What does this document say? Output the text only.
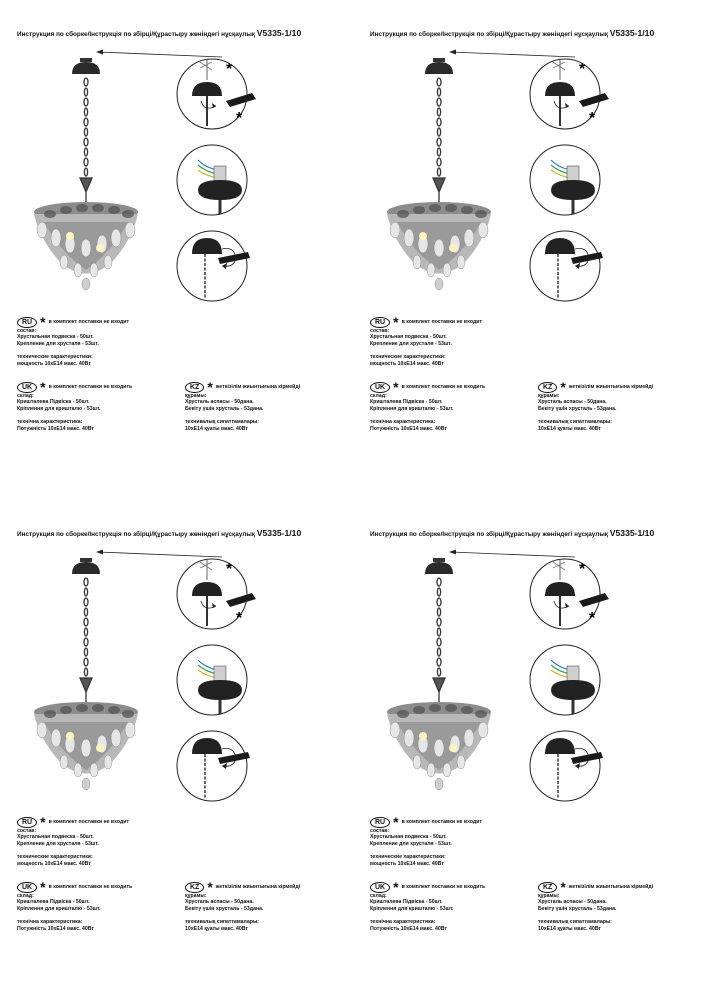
Инструкция по сборке/Інструкція по збірці/Құрастыру жөніндегі нұсқаулық V5335-1/10
*
*
RU * в комплект поставки не входит
состав:
Хрустальная подвеска - 50шт.
Крепление для хрусталя - 53шт.
технические характеристики:
мощность 10xE14 макс. 40Вт
UK * в комплект поставки не входить
склад:
Кришталева Підвіска - 50шт.
Кріплення для кришталю - 53шт.
технічна характеристика:
Потужність 10xE14 макс. 40Вт
KZ * жеткізілім жиынтығына кірмейді
құрамы:
Хрусталь аспасы - 50дана.
Бекіту үшін хрусталь - 53дана.
техникалық сипаттамалары:
10xE14 қуаты макс. 40Вт
Инструкция по сборке/Інструкція по збірці/Құрастыру жөніндегі нұсқаулық V5335-1/10
*
*
RU * в комплект поставки не входит
состав:
Хрустальная подвеска - 50шт.
Крепление для хрусталя - 53шт.
технические характеристики:
мощность 10xE14 макс. 40Вт
UK * в комплект поставки не входить
склад:
Кришталева Підвіска - 50шт.
Кріплення для кришталю - 53шт.
технічна характеристика:
Потужність 10xE14 макс. 40Вт
KZ * жеткізілім жиынтығына кірмейді
құрамы:
Хрусталь аспасы - 50дана.
Бекіту үшін хрусталь - 53дана.
техникалық сипаттамалары:
10xE14 қуаты макс. 40Вт
Инструкция по сборке/Інструкція по збірці/Құрастыру жөніндегі нұсқаулық V5335-1/10
*
*
RU * в комплект поставки не входит
состав:
Хрустальная подвеска - 50шт.
Крепление для хрусталя - 53шт.
технические характеристики:
мощность 10xE14 макс. 40Вт
UK * в комплект поставки не входить
склад:
Кришталева Підвіска - 50шт.
Кріплення для кришталю - 53шт.
технічна характеристика:
Потужність 10xE14 макс. 40Вт
KZ * жеткізілім жиынтығына кірмейді
құрамы:
Хрусталь аспасы - 50дана.
Бекіту үшін хрусталь - 53дана.
техникалық сипаттамалары:
10xE14 қуаты макс. 40Вт
Инструкция по сборке/Інструкція по збірці/Құрастыру жөніндегі нұсқаулық V5335-1/10
*
*
RU * в комплект поставки не входит
состав:
Хрустальная подвеска - 50шт.
Крепление для хрусталя - 53шт.
технические характеристики:
мощность 10xE14 макс. 40Вт
UK * в комплект поставки не входить
склад:
Кришталева Підвіска - 50шт.
Кріплення для кришталю - 53шт.
технічна характеристика:
Потужність 10xE14 макс. 40Вт
KZ * жеткізілім жиынтығына кірмейді
құрамы:
Хрусталь аспасы - 50дана.
Бекіту үшін хрусталь - 53дана.
техникалық сипаттамалары:
10xE14 қуаты макс. 40Вт
